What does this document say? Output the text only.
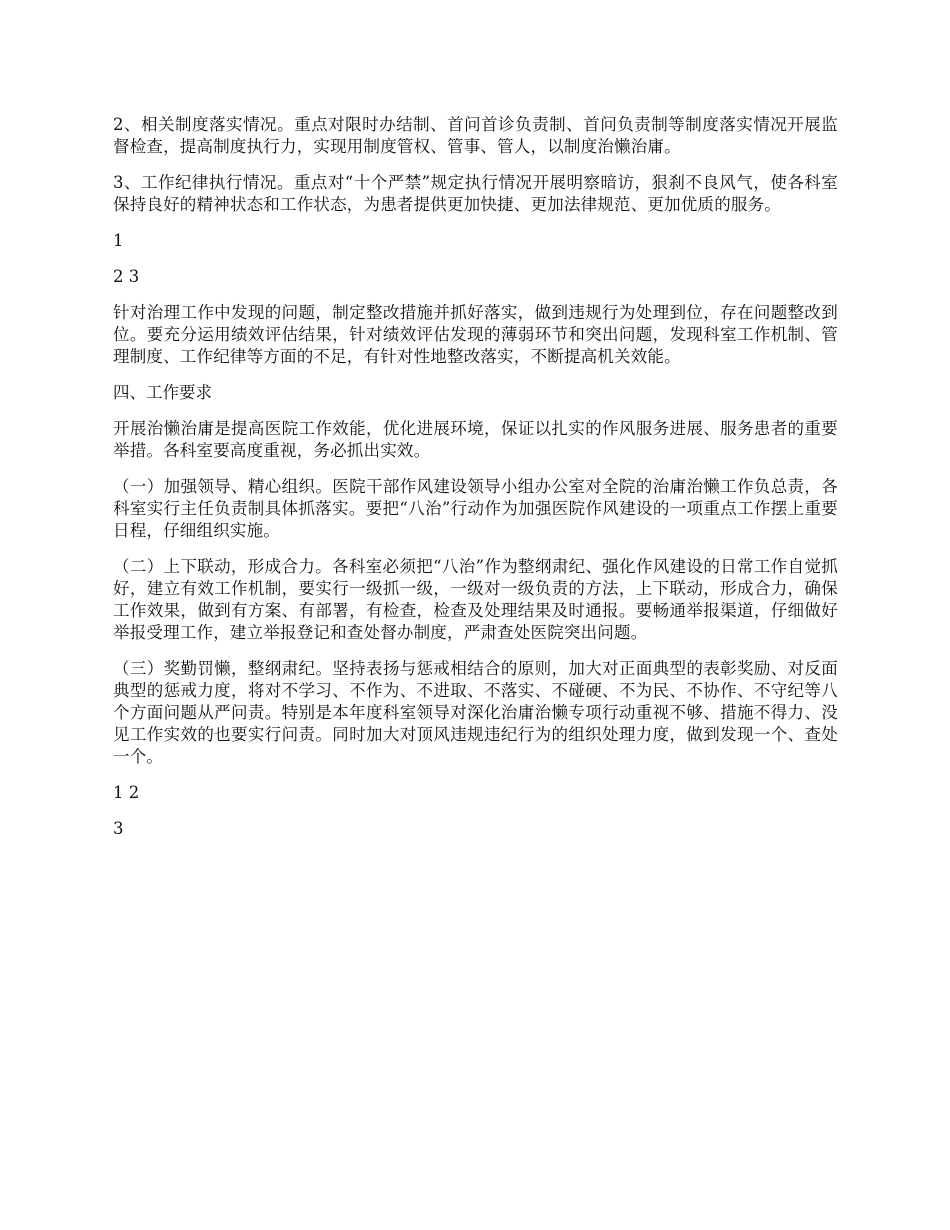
2、相关制度落实情况。重点对限时办结制、首问首诊负责制、首问负责制等制度落实情况开展监督检查，提高制度执行力，实现用制度管权、管事、管人，以制度治懒治庸。

3、工作纪律执行情况。重点对“十个严禁”规定执行情况开展明察暗访，狠刹不良风气，使各科室保持良好的精神状态和工作状态，为患者提供更加快捷、更加法律规范、更加优质的服务。

1

2 3

针对治理工作中发现的问题，制定整改措施并抓好落实，做到违规行为处理到位，存在问题整改到位。要充分运用绩效评估结果，针对绩效评估发现的薄弱环节和突出问题，发现科室工作机制、管理制度、工作纪律等方面的不足，有针对性地整改落实，不断提高机关效能。

四、工作要求

开展治懒治庸是提高医院工作效能，优化进展环境，保证以扎实的作风服务进展、服务患者的重要举措。各科室要高度重视，务必抓出实效。

（一）加强领导、精心组织。医院干部作风建设领导小组办公室对全院的治庸治懒工作负总责，各科室实行主任负责制具体抓落实。要把“八治”行动作为加强医院作风建设的一项重点工作摆上重要日程，仔细组织实施。

（二）上下联动，形成合力。各科室必须把“八治”作为整纲肃纪、强化作风建设的日常工作自觉抓好，建立有效工作机制，要实行一级抓一级，一级对一级负责的方法，上下联动，形成合力，确保工作效果，做到有方案、有部署，有检查，检查及处理结果及时通报。要畅通举报渠道，仔细做好举报受理工作，建立举报登记和查处督办制度，严肃查处医院突出问题。

（三）奖勤罚懒，整纲肃纪。坚持表扬与惩戒相结合的原则，加大对正面典型的表彰奖励、对反面典型的惩戒力度，将对不学习、不作为、不进取、不落实、不碰硬、不为民、不协作、不守纪等八个方面问题从严问责。特别是本年度科室领导对深化治庸治懒专项行动重视不够、措施不得力、没见工作实效的也要实行问责。同时加大对顶风违规违纪行为的组织处理力度，做到发现一个、查处一个。

1 2

3
